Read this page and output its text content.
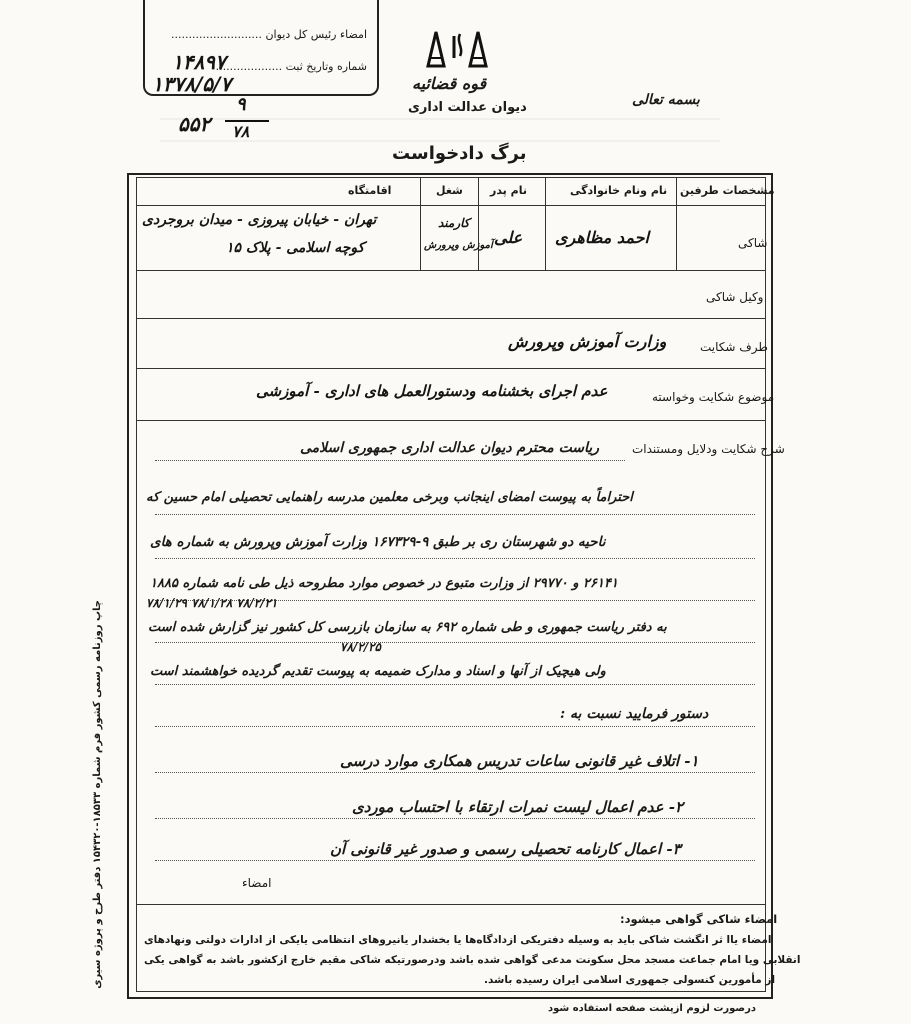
امضاء رئیس کل دیوان ..........................
شماره وتاریخ ثبت ...................
۱۴۸۹۷
۱۳۷۸/۵/۷
۵۵۲
۹
۷۸
قوه قضائیه
دیوان عدالت اداری	بسمه تعالی
برگ دادخواست
مشخصات طرفین
نام ونام خانوادگی
نام پدر
شغل
اقامتگاه
شاکی
احمد مظاهری
علی
کارمند
آموزش وپرورش
تهران - خیابان پیروزی - میدان بروجردی
کوچه اسلامی - پلاک ۱۵
وکیل شاکی
طرف شکایت
وزارت آموزش وپرورش
موضوع شکایت وخواسته
عدم اجرای بخشنامه ودستورالعمل های اداری - آموزشی
شرح شکایت ودلایل ومستندات
ریاست محترم دیوان عدالت اداری جمهوری اسلامی
احتراماً به پیوست امضای اینجانب وبرخی معلمین مدرسه راهنمایی تحصیلی امام حسین که
ناحیه دو شهرستان ری بر طبق ۹-۱۶۷۳۲۹ وزارت آموزش وپرورش به شماره های
۲۶۱۴۱ و ۲۹۷۷۰ از وزارت متبوع در خصوص موارد مطروحه ذیل طی نامه شماره ۱۸۸۵
۷۸/۲/۲۱ ۷۸/۱/۲۸ ۷۸/۱/۲۹
به دفتر ریاست جمهوری و طی شماره ۶۹۲ به سازمان بازرسی کل کشور نیز گزارش شده است
۷۸/۲/۲۵
ولی هیچیک از آنها و اسناد و مدارک ضمیمه به پیوست تقدیم گردیده خواهشمند است
دستور فرمایید نسبت به :
۱- اتلاف غیر قانونی ساعات تدریس همکاری موارد درسی
۲- عدم اعمال لیست نمرات ارتقاء با احتساب موردی
۳- اعمال کارنامه تحصیلی رسمی و صدور غیر قانونی آن
امضاء
امضاء شاکی گواهی میشود:
امضاء یاا ثر انگشت شاکی باید به وسیله دفتریکی ازدادگاه‌ها یا بخشدار یانیروهای انتظامی یایکی از ادارات دولتی ونهادهای
انقلابی ویا امام جماعت مسجد محل سکونت مدعی گواهی شده باشد ودرصورتیکه شاکی مقیم خارج ازکشور باشد به گواهی یکی
از مأمورین کنسولی جمهوری اسلامی ایران رسیده باشد.
درصورت لزوم ازپشت صفحه استفاده شود
چاپ روزنامه رسمی کشور فرم شماره ۱۸۵۳۳-۱۵۴۳۲۰ دفتر طرح و پروژه سیری
